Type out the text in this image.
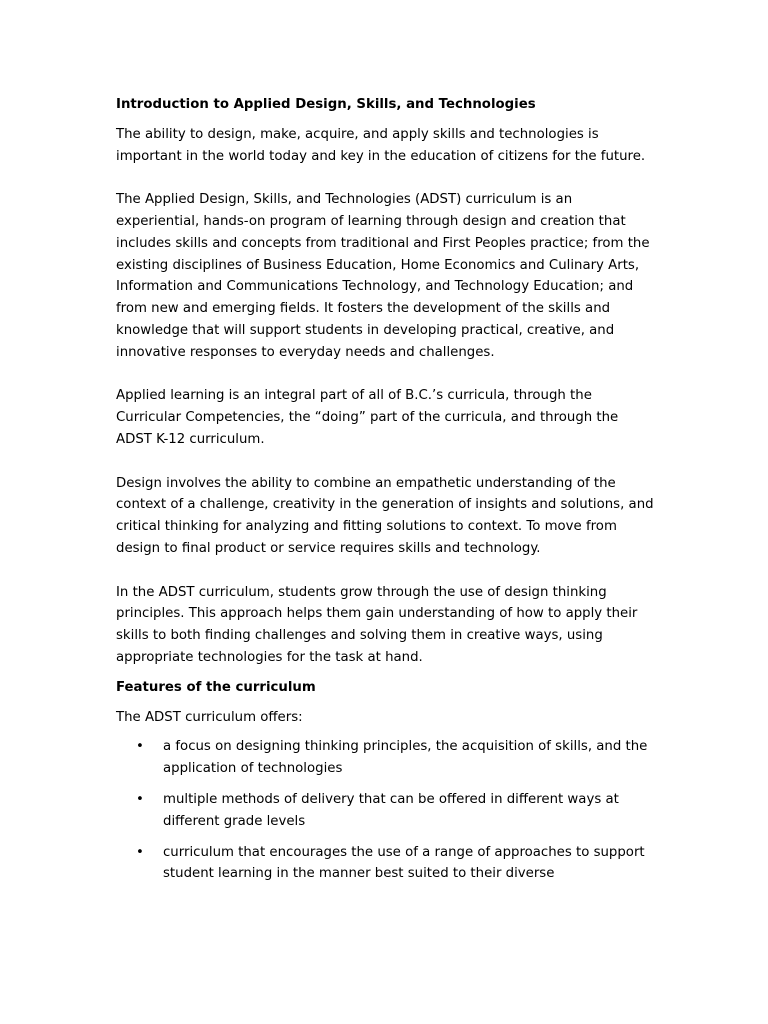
Introduction to Applied Design, Skills, and Technologies

The ability to design, make, acquire, and apply skills and technologies is important in the world today and key in the education of citizens for the future.

The Applied Design, Skills, and Technologies (ADST) curriculum is an experiential, hands-on program of learning through design and creation that includes skills and concepts from traditional and First Peoples practice; from the existing disciplines of Business Education, Home Economics and Culinary Arts, Information and Communications Technology, and Technology Education; and from new and emerging fields. It fosters the development of the skills and knowledge that will support students in developing practical, creative, and innovative responses to everyday needs and challenges.

Applied learning is an integral part of all of B.C.’s curricula, through the Curricular Competencies, the “doing” part of the curricula, and through the ADST K-12 curriculum.

Design involves the ability to combine an empathetic understanding of the context of a challenge, creativity in the generation of insights and solutions, and critical thinking for analyzing and fitting solutions to context. To move from design to final product or service requires skills and technology.

In the ADST curriculum, students grow through the use of design thinking principles. This approach helps them gain understanding of how to apply their skills to both finding challenges and solving them in creative ways, using appropriate technologies for the task at hand.

Features of the curriculum

The ADST curriculum offers:

• a focus on designing thinking principles, the acquisition of skills, and the application of technologies
• multiple methods of delivery that can be offered in different ways at different grade levels
• curriculum that encourages the use of a range of approaches to support student learning in the manner best suited to their diverse
